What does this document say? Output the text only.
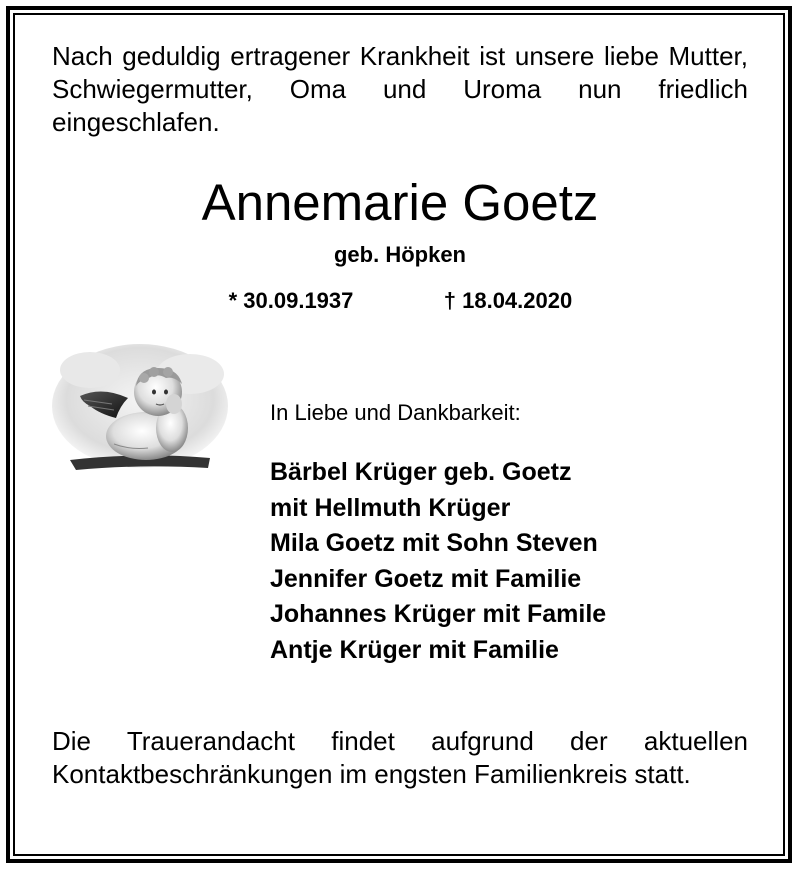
Nach geduldig ertragener Krankheit ist unsere liebe Mutter, Schwiegermutter, Oma und Uroma nun friedlich eingeschlafen.

Annemarie Goetz
geb. Höpken
* 30.09.1937	† 18.04.2020
In Liebe und Dankbarkeit:
Bärbel Krüger geb. Goetz
mit Hellmuth Krüger
Mila Goetz mit Sohn Steven
Jennifer Goetz mit Familie
Johannes Krüger mit Famile
Antje Krüger mit Familie

Die Trauerandacht findet aufgrund der aktuellen Kontaktbeschränkungen im engsten Familienkreis statt.
